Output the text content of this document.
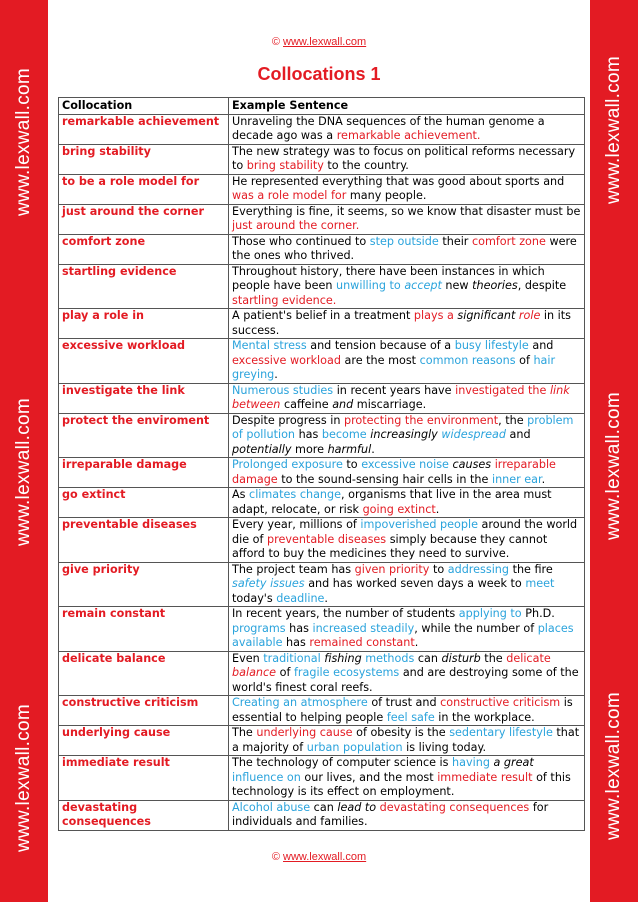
www.lexwall.com
www.lexwall.com
www.lexwall.com
www.lexwall.com
www.lexwall.com
www.lexwall.com
© www.lexwall.com
Collocations 1
Collocation	Example Sentence
remarkable achievement	Unraveling the DNA sequences of the human genome a decade ago was a remarkable achievement.
bring stability	The new strategy was to focus on political reforms necessary to bring stability to the country.
to be a role model for	He represented everything that was good about sports and was a role model for many people.
just around the corner	Everything is fine, it seems, so we know that disaster must be just around the corner.
comfort zone	Those who continued to step outside their comfort zone were the ones who thrived.
startling evidence	Throughout history, there have been instances in which people have been unwilling to accept new theories, despite startling evidence.
play a role in	A patient's belief in a treatment plays a significant role in its success.
excessive workload	Mental stress and tension because of a busy lifestyle and excessive workload are the most common reasons of hair greying.
investigate the link	Numerous studies in recent years have investigated the link between caffeine and miscarriage.
protect the enviroment	Despite progress in protecting the environment, the problem of pollution has become increasingly widespread and potentially more harmful.
irreparable damage	Prolonged exposure to excessive noise causes irreparable damage to the sound-sensing hair cells in the inner ear.
go extinct	As climates change, organisms that live in the area must adapt, relocate, or risk going extinct.
preventable diseases	Every year, millions of impoverished people around the world die of preventable diseases simply because they cannot afford to buy the medicines they need to survive.
give priority	The project team has given priority to addressing the fire safety issues and has worked seven days a week to meet today's deadline.
remain constant	In recent years, the number of students applying to Ph.D. programs has increased steadily, while the number of places available has remained constant.
delicate balance	Even traditional fishing methods can disturb the delicate balance of fragile ecosystems and are destroying some of the world's finest coral reefs.
constructive criticism	Creating an atmosphere of trust and constructive criticism is essential to helping people feel safe in the workplace.
underlying cause	The underlying cause of obesity is the sedentary lifestyle that a majority of urban population is living today.
immediate result	The technology of computer science is having a great influence on our lives, and the most immediate result of this technology is its effect on employment.
devastating consequences	Alcohol abuse can lead to devastating consequences for individuals and families.
© www.lexwall.com
